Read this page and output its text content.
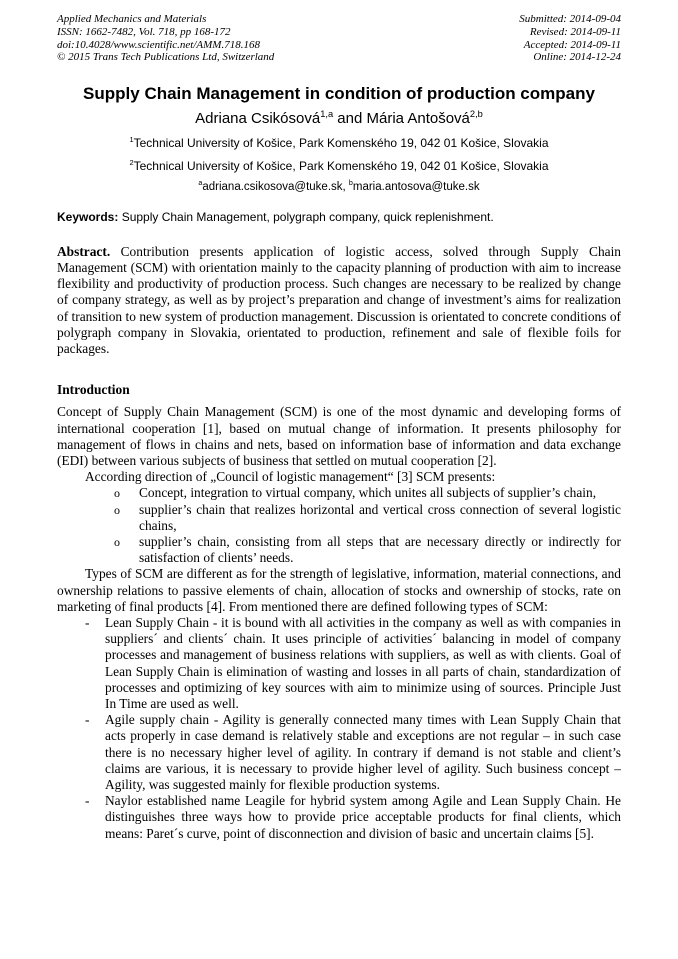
Applied Mechanics and Materials
ISSN: 1662-7482, Vol. 718, pp 168-172
doi:10.4028/www.scientific.net/AMM.718.168
© 2015 Trans Tech Publications Ltd, Switzerland
Submitted: 2014-09-04
Revised: 2014-09-11
Accepted: 2014-09-11
Online: 2014-12-24
Supply Chain Management in condition of production company
Adriana Csikósová$^{1,a}$ and Mária Antošová$^{2,b}$
$^1$Technical University of Košice, Park Komenského 19, 042 01 Košice, Slovakia
$^2$Technical University of Košice, Park Komenského 19, 042 01 Košice, Slovakia
$^a$adriana.csikosova@tuke.sk, $^b$maria.antosova@tuke.sk

Keywords: Supply Chain Management, polygraph company, quick replenishment.

Abstract. Contribution presents application of logistic access, solved through Supply Chain Management (SCM) with orientation mainly to the capacity planning of production with aim to increase flexibility and productivity of production process. Such changes are necessary to be realized by change of company strategy, as well as by project’s preparation and change of investment’s aims for realization of transition to new system of production management. Discussion is orientated to concrete conditions of polygraph company in Slovakia, orientated to production, refinement and sale of flexible foils for packages.

Introduction

Concept of Supply Chain Management (SCM) is one of the most dynamic and developing forms of international cooperation [1], based on mutual change of information. It presents philosophy for management of flows in chains and nets, based on information base of information and data exchange (EDI) between various subjects of business that settled on mutual cooperation [2].

According direction of „Council of logistic management“ [3] SCM presents:

o	Concept, integration to virtual company, which unites all subjects of supplier’s chain,
o	supplier’s chain that realizes horizontal and vertical cross connection of several logistic chains,
o	supplier’s chain, consisting from all steps that are necessary directly or indirectly for satisfaction of clients’ needs.

Types of SCM are different as for the strength of legislative, information, material connections, and ownership relations to passive elements of chain, allocation of stocks and ownership of stocks, rate on marketing of final products [4]. From mentioned there are defined following types of SCM:

-	Lean Supply Chain - it is bound with all activities in the company as well as with companies in suppliers´ and clients´ chain. It uses principle of activities´ balancing in model of company processes and management of business relations with suppliers, as well as with clients. Goal of Lean Supply Chain is elimination of wasting and losses in all parts of chain, standardization of processes and optimizing of key sources with aim to minimize using of sources. Principle Just In Time are used as well.
-	Agile supply chain - Agility is generally connected many times with Lean Supply Chain that acts properly in case demand is relatively stable and exceptions are not regular – in such case there is no necessary higher level of agility. In contrary if demand is not stable and client’s claims are various, it is necessary to provide higher level of agility. Such business concept – Agility, was suggested mainly for flexible production systems.
-	Naylor established name Leagile for hybrid system among Agile and Lean Supply Chain. He distinguishes three ways how to provide price acceptable products for final clients, which means: Paret´s curve, point of disconnection and division of basic and uncertain claims [5].
